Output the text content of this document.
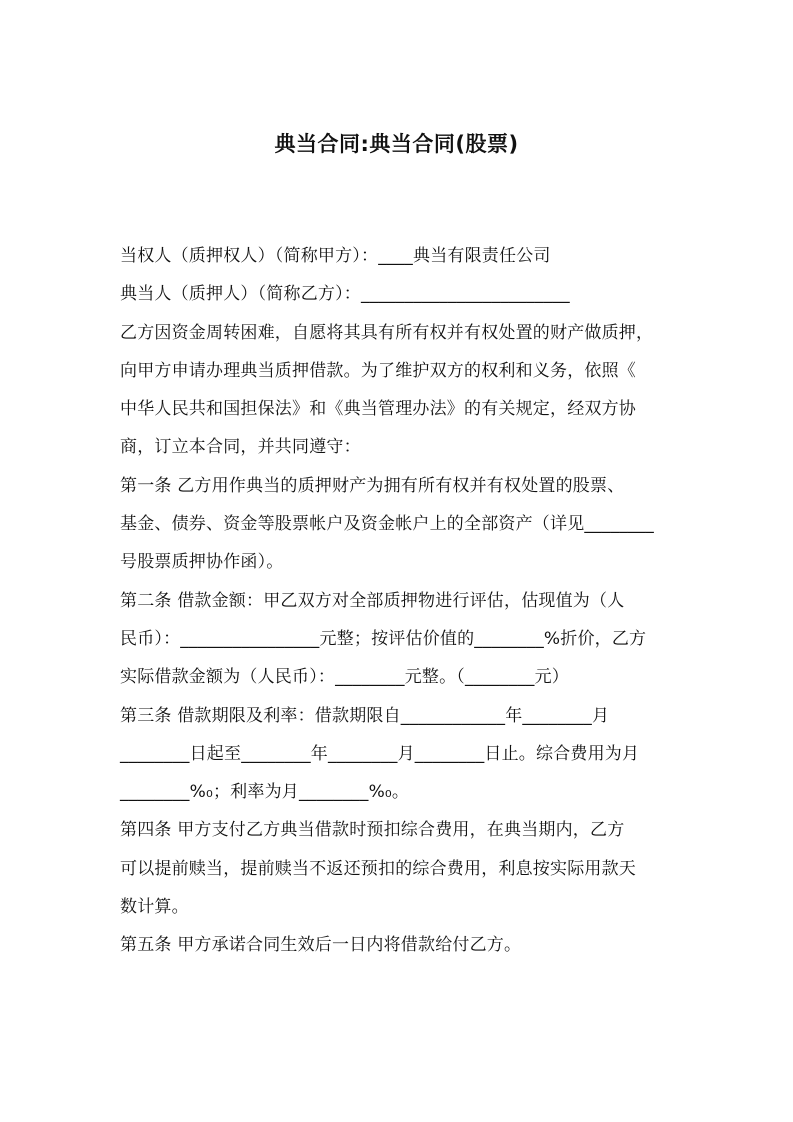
典当合同:典当合同(股票)
当权人（质押权人）（简称甲方）：____典当有限责任公司
典当人（质押人）（简称乙方）：________________________
乙方因资金周转困难，自愿将其具有所有权并有权处置的财产做质押，
向甲方申请办理典当质押借款。为了维护双方的权利和义务，依照《
中华人民共和国担保法》和《典当管理办法》的有关规定，经双方协
商，订立本合同，并共同遵守：
第一条 乙方用作典当的质押财产为拥有所有权并有权处置的股票、
基金、债券、资金等股票帐户及资金帐户上的全部资产（详见________
号股票质押协作函）。
第二条 借款金额：甲乙双方对全部质押物进行评估，估现值为（人
民币）：________________元整；按评估价值的________%折价，乙方
实际借款金额为（人民币）：________元整。（________元）
第三条 借款期限及利率：借款期限自____________年________月
________日起至________年________月________日止。综合费用为月
________%₀；利率为月________%₀。
第四条 甲方支付乙方典当借款时预扣综合费用，在典当期内，乙方
可以提前赎当，提前赎当不返还预扣的综合费用，利息按实际用款天
数计算。
第五条 甲方承诺合同生效后一日内将借款给付乙方。
